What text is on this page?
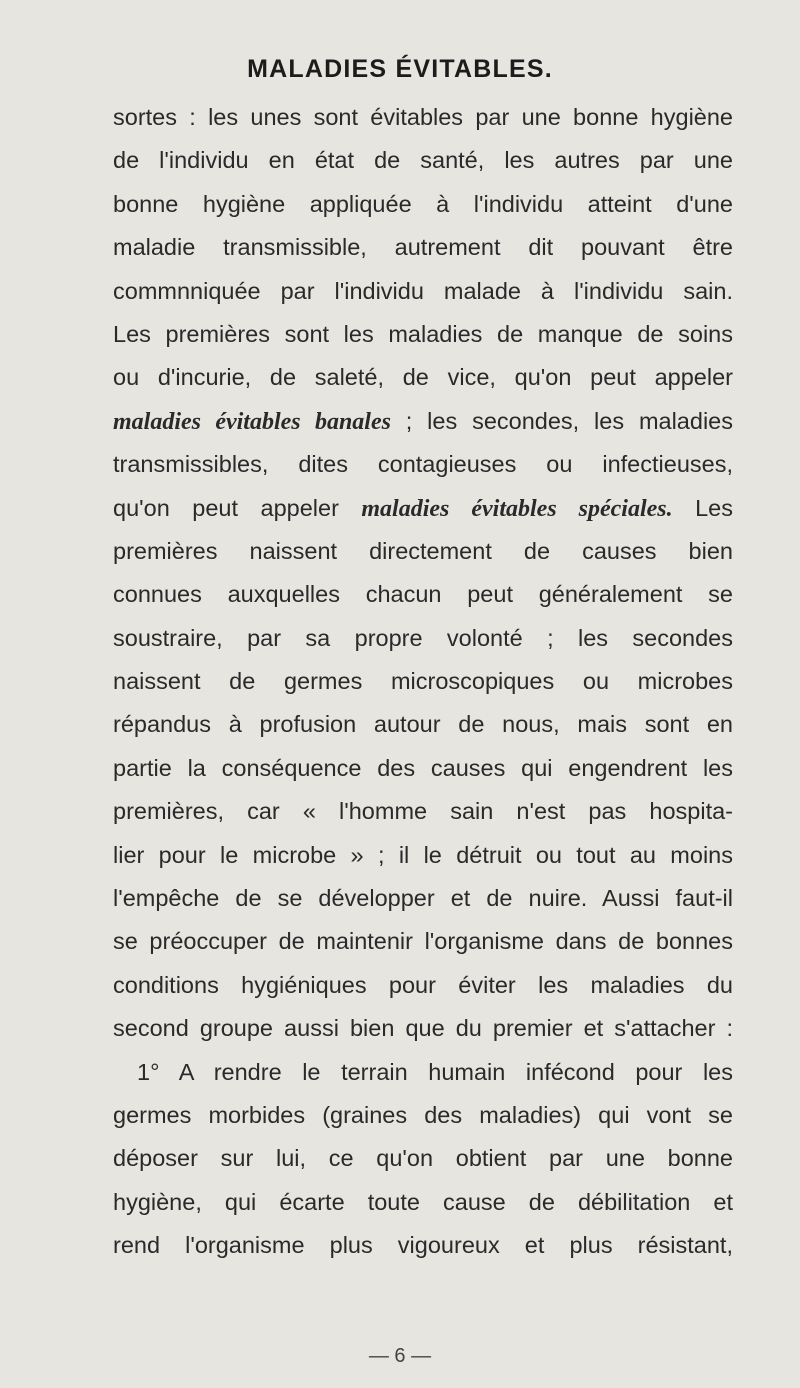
MALADIES ÉVITABLES.
sortes : les unes sont évitables par une bonne hygiène
de l'individu en état de santé, les autres par une
bonne hygiène appliquée à l'individu atteint d'une
maladie transmissible, autrement dit pouvant être
commnniquée par l'individu malade à l'individu sain.
Les premières sont les maladies de manque de soins
ou d'incurie, de saleté, de vice, qu'on peut appeler
maladies évitables banales ; les secondes, les maladies
transmissibles, dites contagieuses ou infectieuses,
qu'on peut appeler maladies évitables spéciales. Les
premières naissent directement de causes bien
connues auxquelles chacun peut généralement se
soustraire, par sa propre volonté ; les secondes
naissent de germes microscopiques ou microbes
répandus à profusion autour de nous, mais sont en
partie la conséquence des causes qui engendrent les
premières, car « l'homme sain n'est pas hospita-
lier pour le microbe » ; il le détruit ou tout au moins
l'empêche de se développer et de nuire. Aussi faut-il
se préoccuper de maintenir l'organisme dans de bonnes
conditions hygiéniques pour éviter les maladies du
second groupe aussi bien que du premier et s'attacher :
1° A rendre le terrain humain infécond pour les
germes morbides (graines des maladies) qui vont se
déposer sur lui, ce qu'on obtient par une bonne
hygiène, qui écarte toute cause de débilitation et
rend l'organisme plus vigoureux et plus résistant,
— 6 —
